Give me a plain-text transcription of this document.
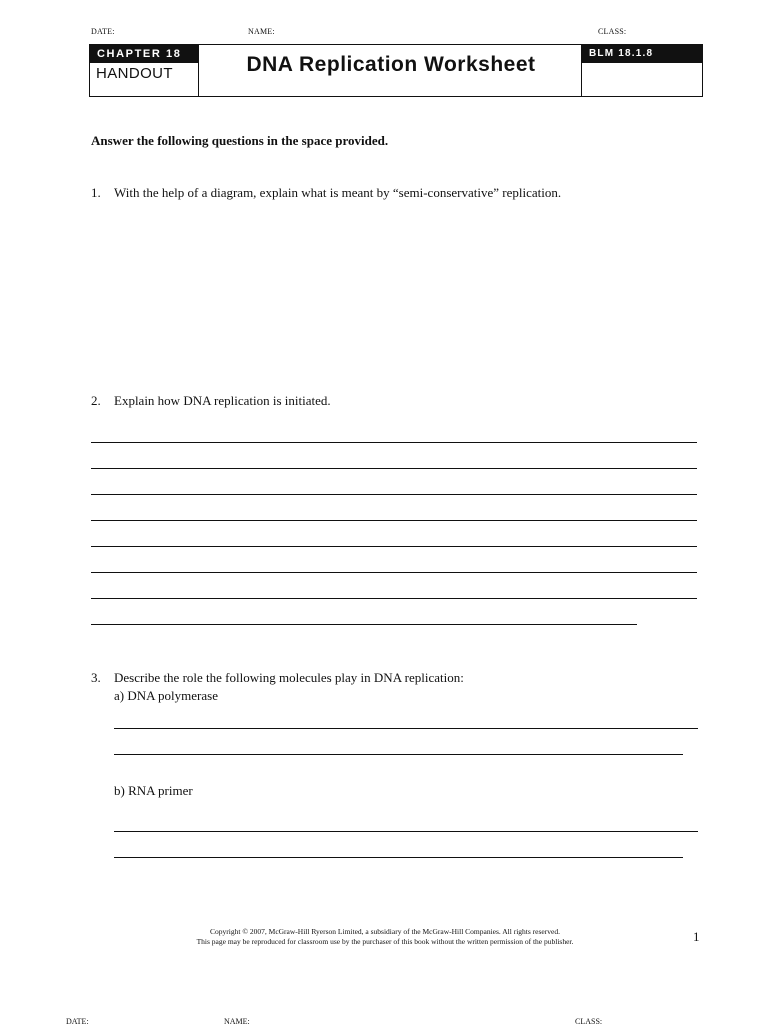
DATE:	NAME:	CLASS:
CHAPTER 18
HANDOUT	DNA Replication Worksheet	BLM 18.1.8
Answer the following questions in the space provided.
1. With the help of a diagram, explain what is meant by “semi-conservative” replication.
2. Explain how DNA replication is initiated.
3. Describe the role the following molecules play in DNA replication:
a) DNA polymerase
b) RNA primer
Copyright © 2007, McGraw-Hill Ryerson Limited, a subsidiary of the McGraw-Hill Companies. All rights reserved.
This page may be reproduced for classroom use by the purchaser of this book without the written permission of the publisher.	1
DATE:	NAME:	CLASS:
